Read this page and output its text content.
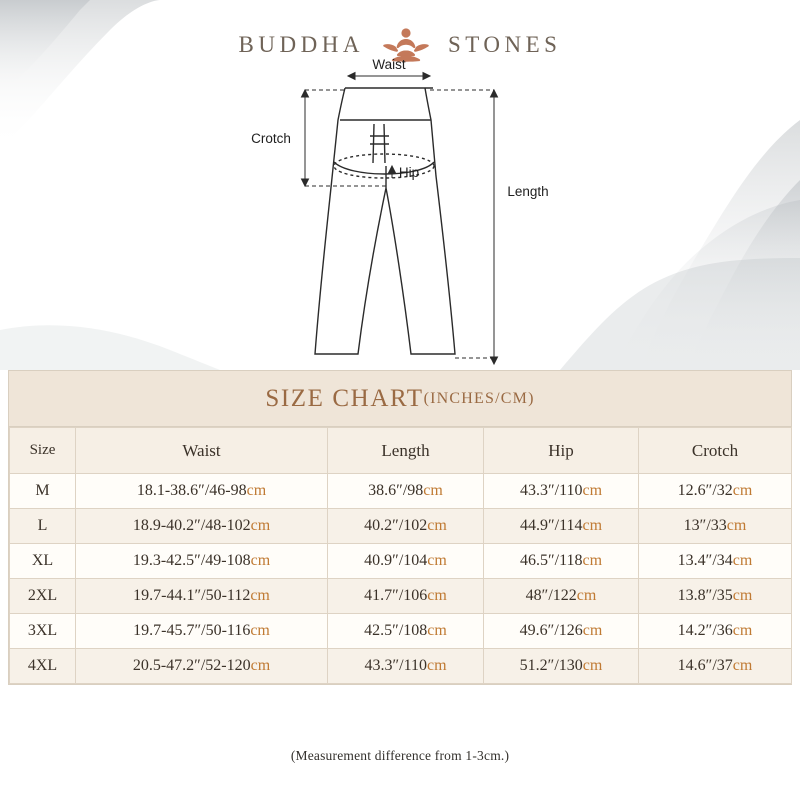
BUDDHA	STONES
Waist
Crotch
Hip
Length
SIZE CHART (INCHES/CM)
Size	Waist	Length	Hip	Crotch
M	18.1-38.6″/46-98cm	38.6″/98cm	43.3″/110cm	12.6″/32cm
L	18.9-40.2″/48-102cm	40.2″/102cm	44.9″/114cm	13″/33cm
XL	19.3-42.5″/49-108cm	40.9″/104cm	46.5″/118cm	13.4″/34cm
2XL	19.7-44.1″/50-112cm	41.7″/106cm	48″/122cm	13.8″/35cm
3XL	19.7-45.7″/50-116cm	42.5″/108cm	49.6″/126cm	14.2″/36cm
4XL	20.5-47.2″/52-120cm	43.3″/110cm	51.2″/130cm	14.6″/37cm
(Measurement difference from 1-3cm.)
